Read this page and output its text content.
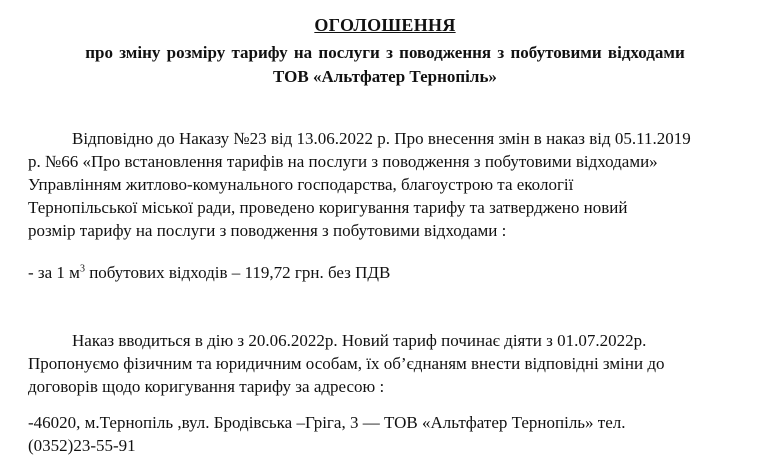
ОГОЛОШЕННЯ
про зміну розміру тарифу на послуги з поводження з побутовими відходами
ТОВ «Альтфатер Тернопіль»
Відповідно до Наказу №23 від 13.06.2022 р. Про внесення змін в наказ від 05.11.2019
р. №66 «Про встановлення тарифів на послуги з поводження з побутовими відходами»
Управлінням житлово-комунального господарства, благоустрою та екології
Тернопільської міської ради, проведено коригування тарифу та затверджено новий
розмір тарифу на послуги з поводження з побутовими відходами :
- за 1 $м^3$ побутових відходів – 119,72 грн. без ПДВ
Наказ вводиться в дію з 20.06.2022р. Новий тариф починає діяти з 01.07.2022р.
Пропонуємо фізичним та юридичним особам, їх об’єднаням внести відповідні зміни до
договорів щодо коригування тарифу за адресою :
-46020, м.Тернопіль ,вул. Бродівська –Гріга, 3 — ТОВ «Альтфатер Тернопіль» тел.
(0352)23-55-91
